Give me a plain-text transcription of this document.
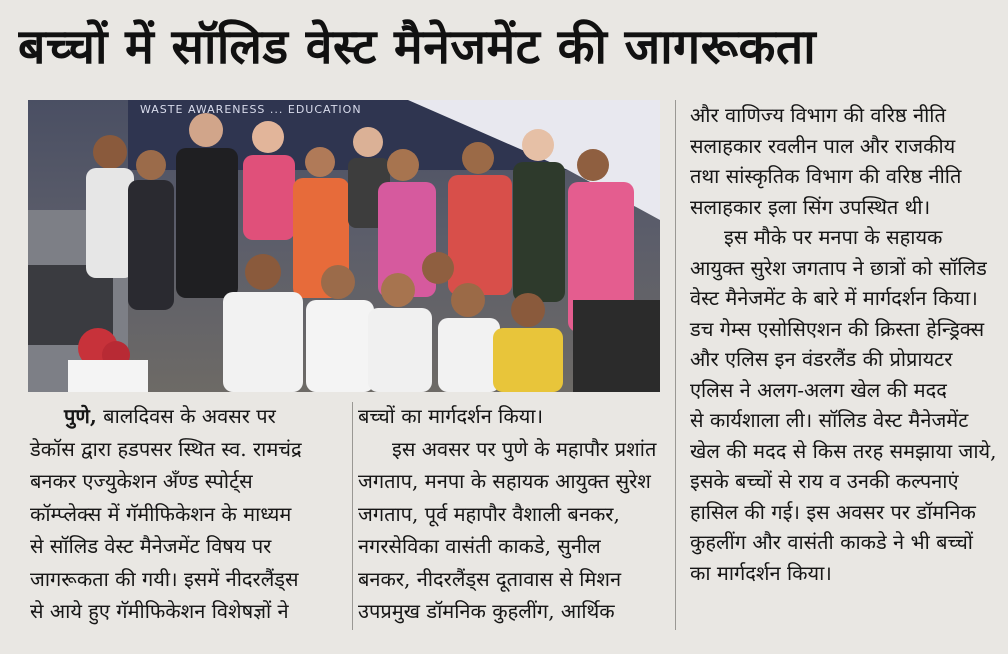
बच्चों में सॉलिड वेस्ट मैनेजमेंट की जागरूकता
WASTE AWARENESS ... EDUCATION

पुणे, बालदिवस के अवसर पर

डेकॉस द्वारा हडपसर स्थित स्व. रामचंद्र

बनकर एज्युकेशन अँण्ड स्पोर्ट्स

कॉम्प्लेक्स में गॅमीफिकेशन के माध्यम

से सॉलिड वेस्ट मैनेजमेंट विषय पर

जागरूकता की गयी। इसमें नीदरलैंड्स

से आये हुए गॅमीफिकेशन विशेषज्ञों ने

बच्चों का मार्गदर्शन किया।

इस अवसर पर पुणे के महापौर प्रशांत

जगताप, मनपा के सहायक आयुक्त सुरेश

जगताप, पूर्व महापौर वैशाली बनकर,

नगरसेविका वासंती काकडे, सुनील

बनकर, नीदरलैंड्स दूतावास से मिशन

उपप्रमुख डॉमनिक कुहलींग, आर्थिक

और वाणिज्य विभाग की वरिष्ठ नीति

सलाहकार रवलीन पाल और राजकीय

तथा सांस्कृतिक विभाग की वरिष्ठ नीति

सलाहकार इला सिंग उपस्थित थी।

इस मौके पर मनपा के सहायक

आयुक्त सुरेश जगताप ने छात्रों को सॉलिड

वेस्ट मैनेजमेंट के बारे में मार्गदर्शन किया।

डच गेम्स एसोसिएशन की क्रिस्ता हेन्ड्रिक्स

और एलिस इन वंडरलैंड की प्रोप्रायटर

एलिस ने अलग-अलग खेल की मदद

से कार्यशाला ली। सॉलिड वेस्ट मैनेजमेंट

खेल की मदद से किस तरह समझाया जाये,

इसके बच्चों से राय व उनकी कल्पनाएं

हासिल की गई। इस अवसर पर डॉमनिक

कुहलींग और वासंती काकडे ने भी बच्चों

का मार्गदर्शन किया।
